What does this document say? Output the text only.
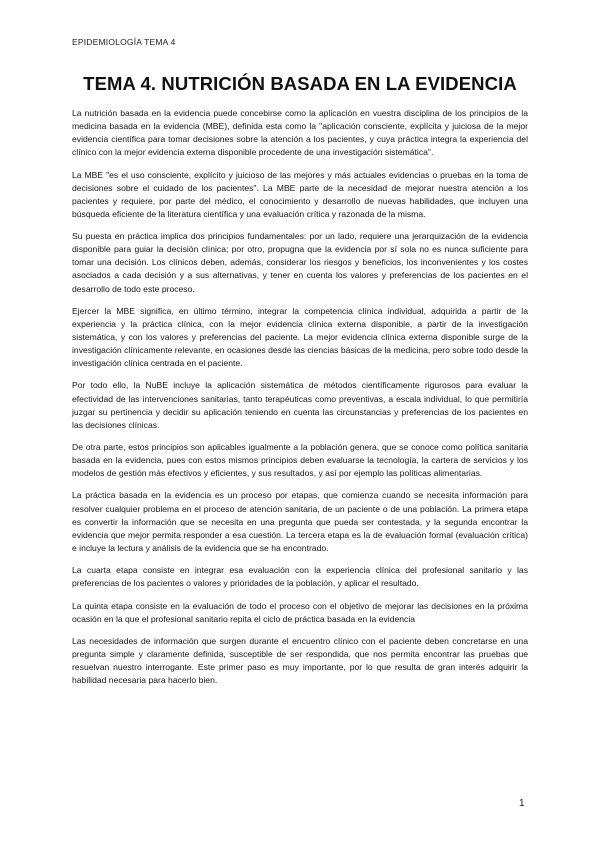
EPIDEMIOLOGÍA TEMA 4
TEMA 4. NUTRICIÓN BASADA EN LA EVIDENCIA

La nutrición basada en la evidencia puede concebirse como la aplicación en vuestra disciplina de los principios de la medicina basada en la evidencia (MBE), definida esta como la "aplicación consciente, explícita y juiciosa de la mejor evidencia científica para tomar decisiones sobre la atención a los pacientes, y cuya práctica integra la experiencia del clínico con la mejor evidencia externa disponible procedente de una investigación sistemática".

La MBE "es el uso consciente, explícito y juicioso de las mejores y más actuales evidencias o pruebas en la toma de decisiones sobre el cuidado de los pacientes". La MBE parte de la necesidad de mejorar nuestra atención a los pacientes y requiere, por parte del médico, el conocimiento y desarrollo de nuevas habilidades, que incluyen una búsqueda eficiente de la literatura científica y una evaluación crítica y razonada de la misma.

Su puesta en práctica implica dos principios fundamentales: por un lado, requiere una jerarquización de la evidencia disponible para guiar la decisión clínica; por otro, propugna que la evidencia por sí sola no es nunca suficiente para tomar una decisión. Los clínicos deben, además, considerar los riesgos y beneficios, los inconvenientes y los costes asociados a cada decisión y a sus alternativas, y tener en cuenta los valores y preferencias de los pacientes en el desarrollo de todo este proceso.

Ejercer la MBE significa, en último término, integrar la competencia clínica individual, adquirida a partir de la experiencia y la práctica clínica, con la mejor evidencia clínica externa disponible, a partir de la investigación sistemática, y con los valores y preferencias del paciente. La mejor evidencia clínica externa disponible surge de la investigación clínicamente relevante, en ocasiones desde las ciencias básicas de la medicina, pero sobre todo desde la investigación clínica centrada en el paciente.

Por todo ello, la NuBE incluye la aplicación sistemática de métodos científicamente rigurosos para evaluar la efectividad de las intervenciones sanitarias, tanto terapéuticas como preventivas, a escala individual, lo que permitiría juzgar su pertinencia y decidir su aplicación teniendo en cuenta las circunstancias y preferencias de los pacientes en las decisiones clínicas.

De otra parte, estos principios son aplicables igualmente a la población genera, que se conoce como política sanitaria basada en la evidencia, pues con estos mismos principios deben evaluarse la tecnología, la cartera de servicios y los modelos de gestión más efectivos y eficientes, y sus resultados, y así por ejemplo las políticas alimentarias.

La práctica basada en la evidencia es un proceso por etapas, que comienza cuando se necesita información para resolver cualquier problema en el proceso de atención sanitaria, de un paciente o de una población. La primera etapa es convertir la información que se necesita en una pregunta que pueda ser contestada, y la segunda encontrar la evidencia que mejor permita responder a esa cuestión. La tercera etapa es la de evaluación formal (evaluación crítica) e incluye la lectura y análisis de la evidencia que se ha encontrado.

La cuarta etapa consiste en integrar esa evaluación con la experiencia clínica del profesional sanitario y las preferencias de los pacientes o valores y prioridades de la población, y aplicar el resultado.

La quinta etapa consiste en la evaluación de todo el proceso con el objetivo de mejorar las decisiones en la próxima ocasión en la que el profesional sanitario repita el ciclo de práctica basada en la evidencia

Las necesidades de información que surgen durante el encuentro clínico con el paciente deben concretarse en una pregunta simple y claramente definida, susceptible de ser respondida, que nos permita encontrar las pruebas que resuelvan nuestro interrogante. Este primer paso es muy importante, por lo que resulta de gran interés adquirir la habilidad necesaria para hacerlo bien.

1
